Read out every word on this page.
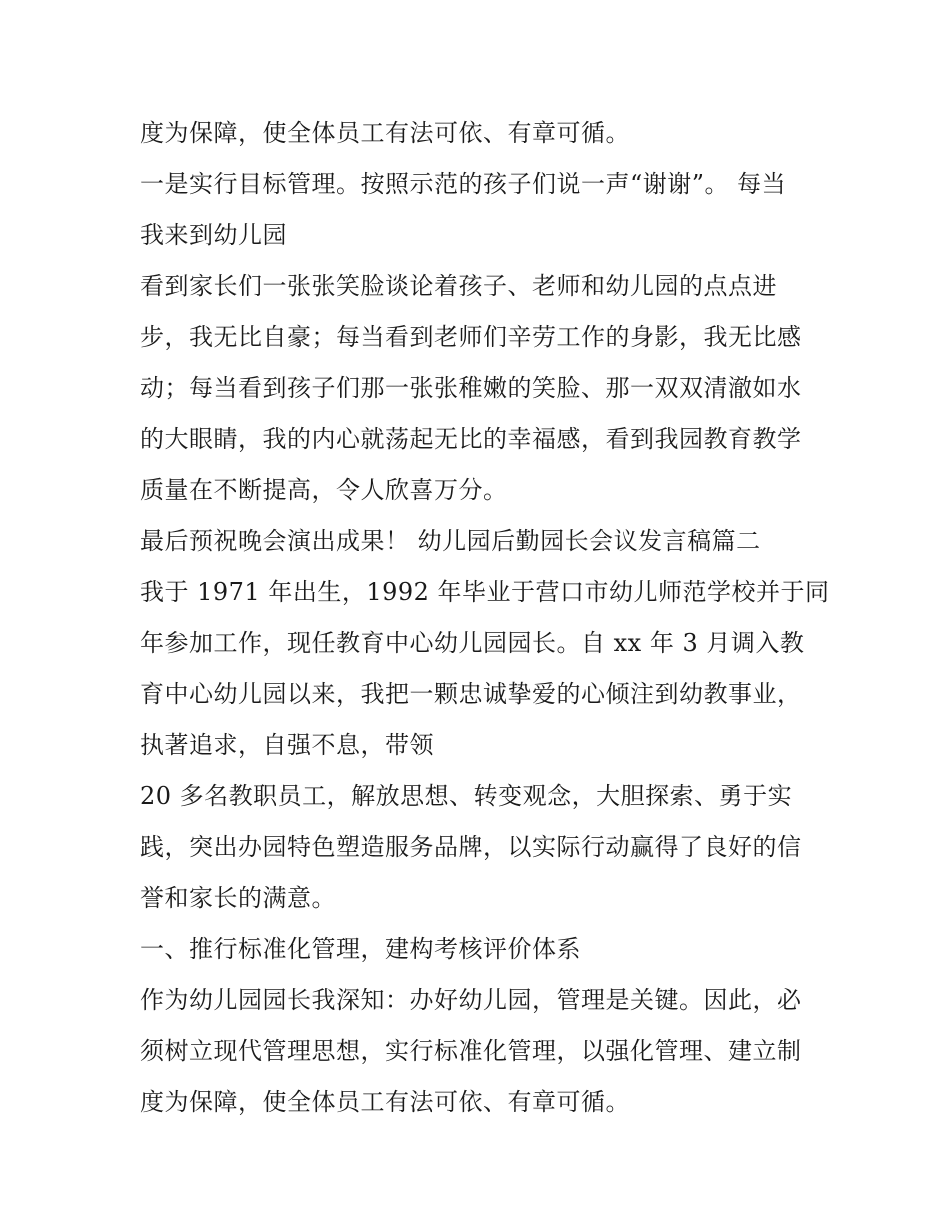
度为保障，使全体员工有法可依、有章可循。
一是实行目标管理。按照示范的孩子们说一声“谢谢”。 每当
我来到幼儿园
看到家长们一张张笑脸谈论着孩子、老师和幼儿园的点点进
步，我无比自豪；每当看到老师们辛劳工作的身影，我无比感
动；每当看到孩子们那一张张稚嫩的笑脸、那一双双清澈如水
的大眼睛，我的内心就荡起无比的幸福感，看到我园教育教学
质量在不断提高，令人欣喜万分。
最后预祝晚会演出成果！ 幼儿园后勤园长会议发言稿篇二
我于 1971 年出生，1992 年毕业于营口市幼儿师范学校并于同
年参加工作，现任教育中心幼儿园园长。自 xx 年 3 月调入教
育中心幼儿园以来，我把一颗忠诚挚爱的心倾注到幼教事业，
执著追求，自强不息，带领
20 多名教职员工，解放思想、转变观念，大胆探索、勇于实
践，突出办园特色塑造服务品牌，以实际行动赢得了良好的信
誉和家长的满意。
一、推行标准化管理，建构考核评价体系
作为幼儿园园长我深知：办好幼儿园，管理是关键。因此，必
须树立现代管理思想，实行标准化管理，以强化管理、建立制
度为保障，使全体员工有法可依、有章可循。
